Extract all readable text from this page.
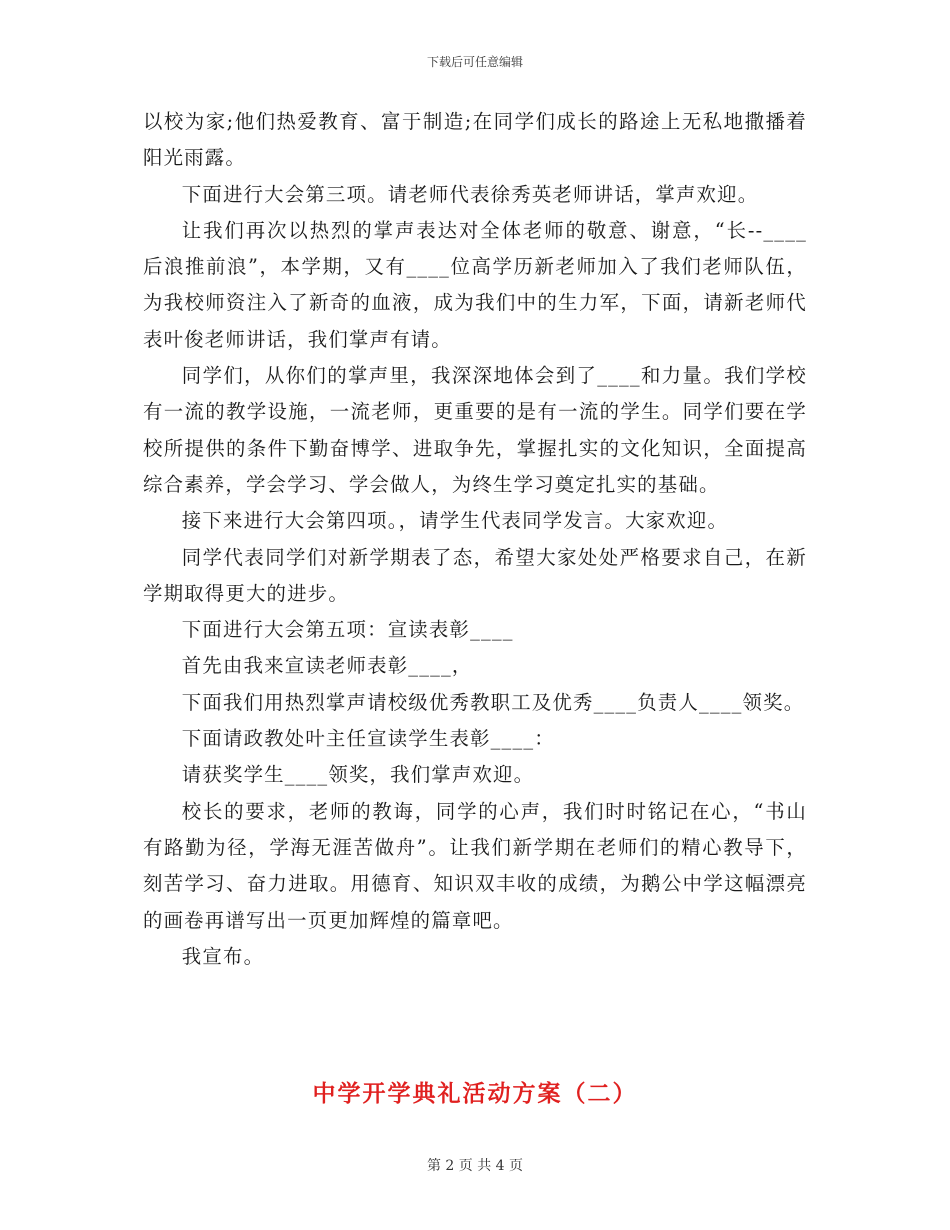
下载后可任意编辑

以校为家;他们热爱教育、富于制造;在同学们成长的路途上无私地撒播着阳光雨露。

下面进行大会第三项。请老师代表徐秀英老师讲话，掌声欢迎。

让我们再次以热烈的掌声表达对全体老师的敬意、谢意，“长--____后浪推前浪”，本学期，又有____位高学历新老师加入了我们老师队伍，为我校师资注入了新奇的血液，成为我们中的生力军，下面，请新老师代表叶俊老师讲话，我们掌声有请。

同学们，从你们的掌声里，我深深地体会到了____和力量。我们学校有一流的教学设施，一流老师，更重要的是有一流的学生。同学们要在学校所提供的条件下勤奋博学、进取争先，掌握扎实的文化知识，全面提高综合素养，学会学习、学会做人，为终生学习奠定扎实的基础。

接下来进行大会第四项。，请学生代表同学发言。大家欢迎。

同学代表同学们对新学期表了态，希望大家处处严格要求自己，在新学期取得更大的进步。

下面进行大会第五项：宣读表彰____

首先由我来宣读老师表彰____，

下面我们用热烈掌声请校级优秀教职工及优秀____负责人____领奖。

下面请政教处叶主任宣读学生表彰____：

请获奖学生____领奖，我们掌声欢迎。

校长的要求，老师的教诲，同学的心声，我们时时铭记在心，“书山有路勤为径，学海无涯苦做舟”。让我们新学期在老师们的精心教导下，刻苦学习、奋力进取。用德育、知识双丰收的成绩，为鹅公中学这幅漂亮的画卷再谱写出一页更加辉煌的篇章吧。

我宣布。

中学开学典礼活动方案（二）
第 2 页 共 4 页
